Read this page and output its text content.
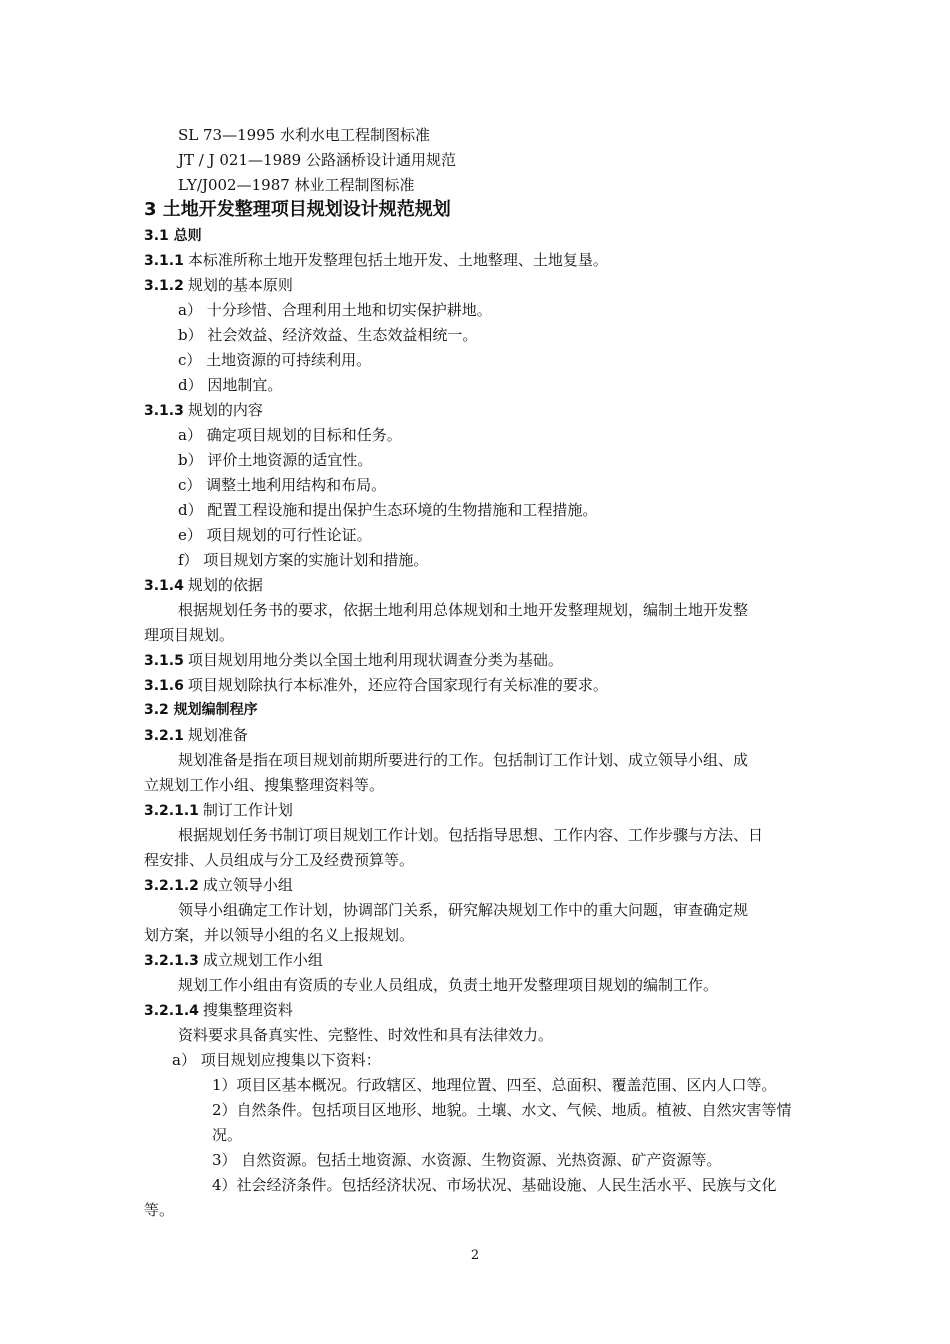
SL 73—1995 水利水电工程制图标准
JT / J 021—1989 公路涵桥设计通用规范
LY/J002—1987 林业工程制图标准
3 土地开发整理项目规划设计规范规划
3.1 总则
3.1.1 本标准所称土地开发整理包括土地开发、土地整理、土地复垦。
3.1.2 规划的基本原则
a） 十分珍惜、合理利用土地和切实保护耕地。
b） 社会效益、经济效益、生态效益相统一。
c） 土地资源的可持续利用。
d） 因地制宜。
3.1.3 规划的内容
a） 确定项目规划的目标和任务。
b） 评价土地资源的适宜性。
c） 调整土地利用结构和布局。
d） 配置工程设施和提出保护生态环境的生物措施和工程措施。
e） 项目规划的可行性论证。
f） 项目规划方案的实施计划和措施。
3.1.4 规划的依据
根据规划任务书的要求，依据土地利用总体规划和土地开发整理规划，编制土地开发整
理项目规划。
3.1.5 项目规划用地分类以全国土地利用现状调查分类为基础。
3.1.6 项目规划除执行本标准外，还应符合国家现行有关标准的要求。
3.2 规划编制程序
3.2.1 规划准备
规划准备是指在项目规划前期所要进行的工作。包括制订工作计划、成立领导小组、成
立规划工作小组、搜集整理资料等。
3.2.1.1 制订工作计划
根据规划任务书制订项目规划工作计划。包括指导思想、工作内容、工作步骤与方法、日
程安排、人员组成与分工及经费预算等。
3.2.1.2 成立领导小组
领导小组确定工作计划，协调部门关系，研究解决规划工作中的重大问题，审查确定规
划方案，并以领导小组的名义上报规划。
3.2.1.3 成立规划工作小组
规划工作小组由有资质的专业人员组成，负责土地开发整理项目规划的编制工作。
3.2.1.4 搜集整理资料
资料要求具备真实性、完整性、时效性和具有法律效力。
a） 项目规划应搜集以下资料：
1）项目区基本概况。行政辖区、地理位置、四至、总面积、覆盖范围、区内人口等。
2）自然条件。包括项目区地形、地貌。土壤、水文、气候、地质。植被、自然灾害等情
况。
3） 自然资源。包括土地资源、水资源、生物资源、光热资源、矿产资源等。
4）社会经济条件。包括经济状况、市场状况、基础设施、人民生活水平、民族与文化
等。
2
